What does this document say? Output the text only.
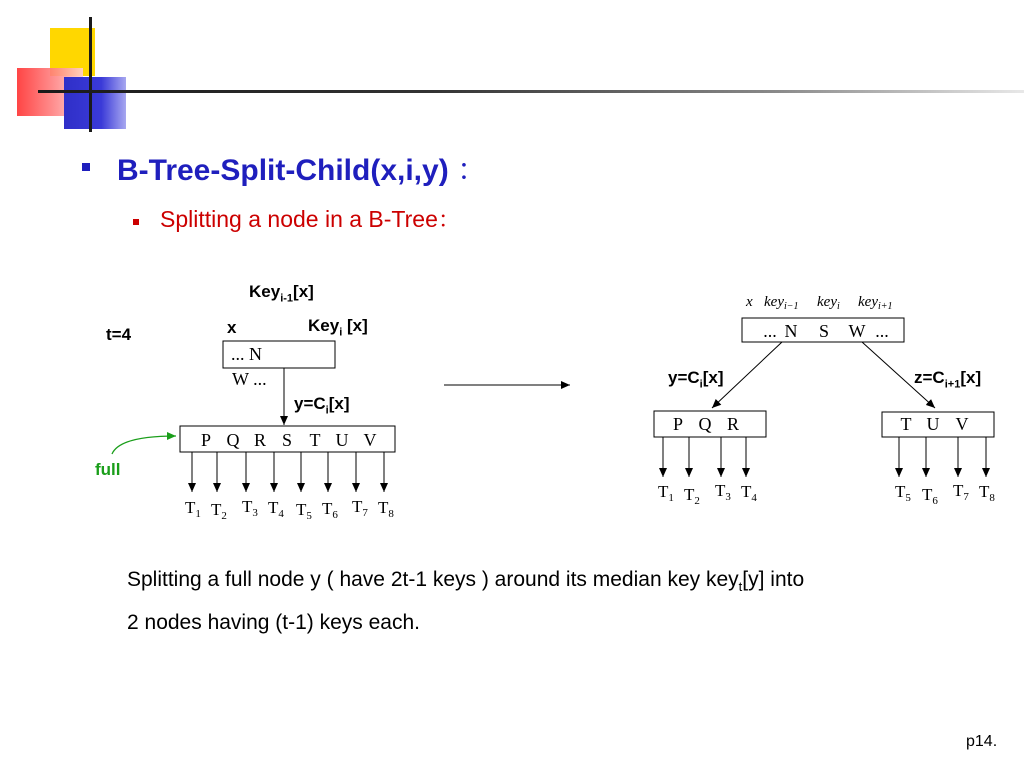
B-Tree-Split-Child(x,i,y) ：
Splitting a node in a B-Tree：
... N
W ...
P Q R S T U V
$T_1$ $T_2$ $T_3$ $T_4$ $T_5$ $T_6$ $T_7$ $T_8$
x key$_{i-1}$ key$_i$ key$_{i+1}$
... N S W ...
P Q R
$T_1$ $T_2$
$T_3$ $T_4$
T U V
$T_5$ $T_6$
$T_7$ $T_8$
Key$_{i-1}$[x]
t=4	x	Key$_i$ [x]
$y=C_i[x]$
full
$y=C_i[x]$	$z=C_{i+1}[x]$
Splitting a full node y ( have 2t-1 keys ) around its median key key$_t$[y] into
2 nodes having (t-1) keys each.
p14.
